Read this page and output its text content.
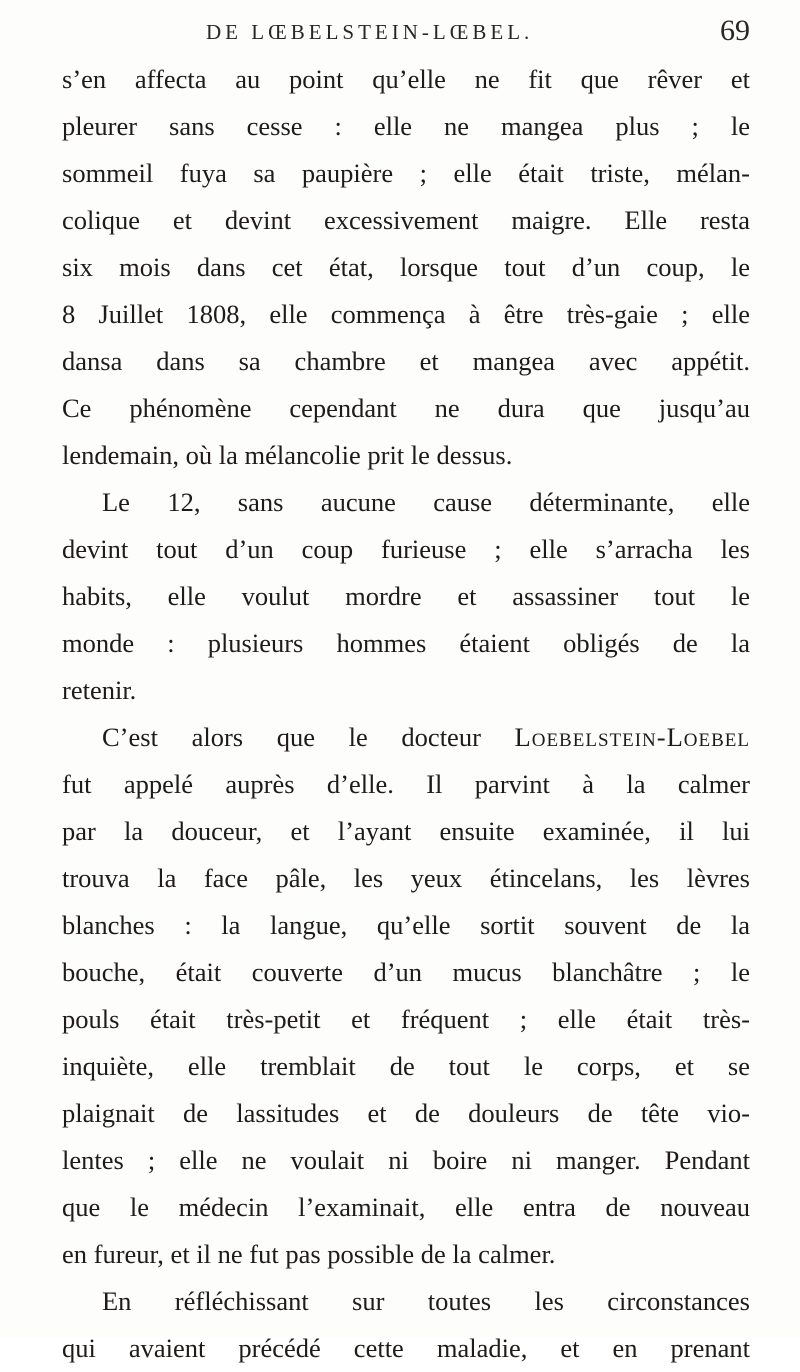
DE LŒBELSTEIN-LŒBEL.	69
s’en affecta au point qu’elle ne fit que rêver et
pleurer sans cesse : elle ne mangea plus ; le
sommeil fuya sa paupière ; elle était triste, mélan-
colique et devint excessivement maigre. Elle resta
six mois dans cet état, lorsque tout d’un coup, le
8 Juillet 1808, elle commença à être très-gaie ; elle
dansa dans sa chambre et mangea avec appétit.
Ce phénomène cependant ne dura que jusqu’au
lendemain, où la mélancolie prit le dessus.
Le 12, sans aucune cause déterminante, elle
devint tout d’un coup furieuse ; elle s’arracha les
habits, elle voulut mordre et assassiner tout le
monde : plusieurs hommes étaient obligés de la
retenir.
C’est alors que le docteur Loebelstein-Loebel
fut appelé auprès d’elle. Il parvint à la calmer
par la douceur, et l’ayant ensuite examinée, il lui
trouva la face pâle, les yeux étincelans, les lèvres
blanches : la langue, qu’elle sortit souvent de la
bouche, était couverte d’un mucus blanchâtre ; le
pouls était très-petit et fréquent ; elle était très-
inquiète, elle tremblait de tout le corps, et se
plaignait de lassitudes et de douleurs de tête vio-
lentes ; elle ne voulait ni boire ni manger. Pendant
que le médecin l’examinait, elle entra de nouveau
en fureur, et il ne fut pas possible de la calmer.
En réfléchissant sur toutes les circonstances
qui avaient précédé cette maladie, et en prenant
